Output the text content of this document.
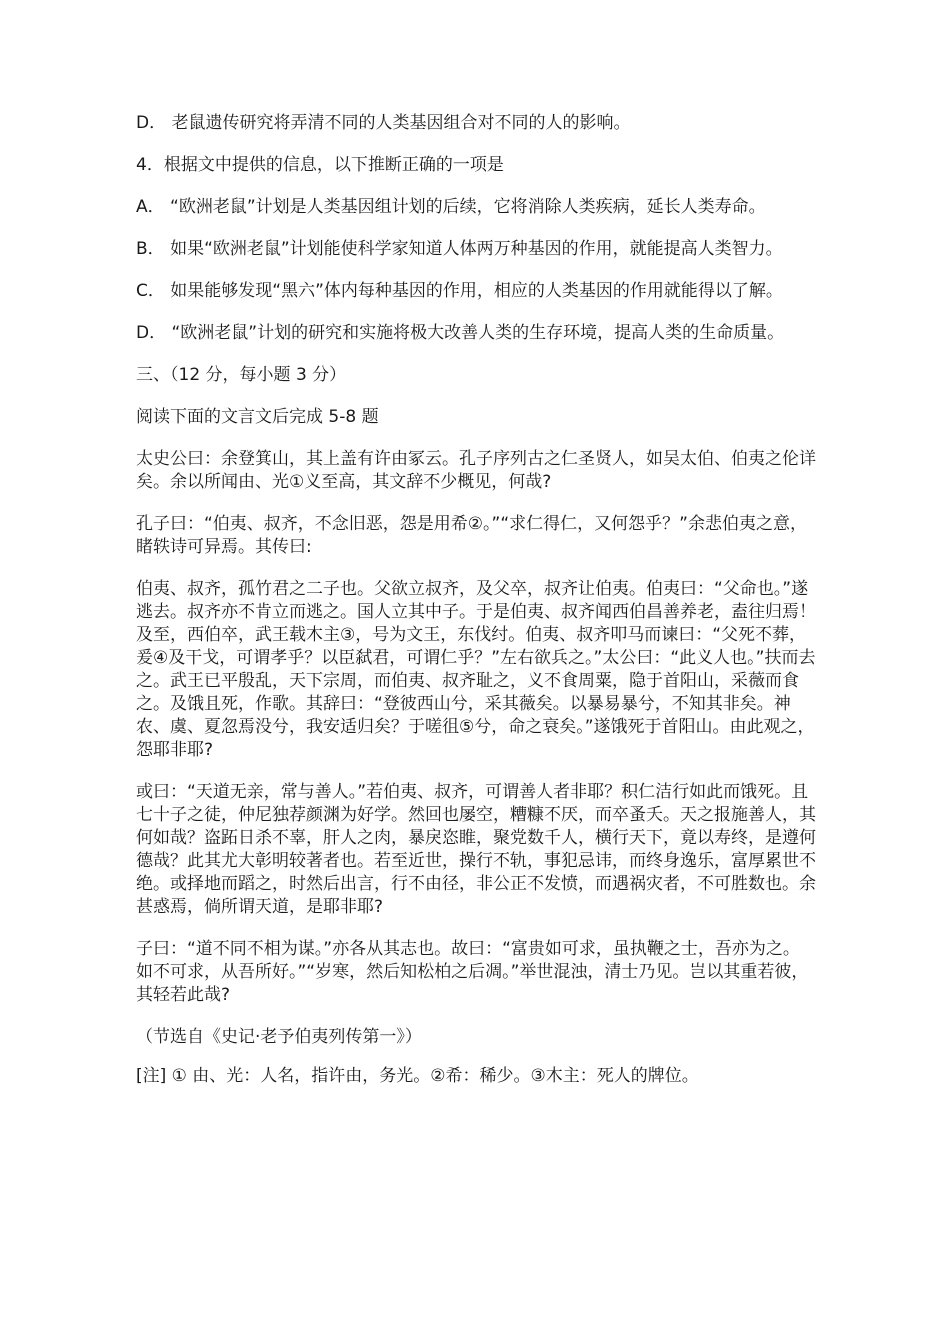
D． 老鼠遗传研究将弄清不同的人类基因组合对不同的人的影响。

4．根据文中提供的信息，以下推断正确的一项是

A． “欧洲老鼠”计划是人类基因组计划的后续，它将消除人类疾病，延长人类寿命。

B． 如果“欧洲老鼠”计划能使科学家知道人体两万种基因的作用，就能提高人类智力。

C． 如果能够发现“黑六”体内每种基因的作用，相应的人类基因的作用就能得以了解。

D． “欧洲老鼠”计划的研究和实施将极大改善人类的生存环境，提高人类的生命质量。

三、（12 分，每小题 3 分）

阅读下面的文言文后完成 5-8 题

太史公曰：余登箕山，其上盖有许由冢云。孔子序列古之仁圣贤人，如吴太伯、伯夷之伦详矣。余以所闻由、光①义至高，其文辞不少概见，何哉?

孔子曰：“伯夷、叔齐，不念旧恶，怨是用希②。”“求仁得仁，又何怨乎？”余悲伯夷之意，睹轶诗可异焉。其传曰:

伯夷、叔齐，孤竹君之二子也。父欲立叔齐，及父卒，叔齐让伯夷。伯夷曰：“父命也。”遂逃去。叔齐亦不肯立而逃之。国人立其中子。于是伯夷、叔齐闻西伯昌善养老，盍往归焉！及至，西伯卒，武王载木主③，号为文王，东伐纣。伯夷、叔齐叩马而谏曰：“父死不葬，爰④及干戈，可谓孝乎？以臣弑君，可谓仁乎？”左右欲兵之。”太公曰：“此义人也。”扶而去之。武王已平殷乱，天下宗周，而伯夷、叔齐耻之，义不食周粟，隐于首阳山，采薇而食之。及饿且死，作歌。其辞曰：“登彼西山兮，采其薇矣。以暴易暴兮，不知其非矣。神农、虞、夏忽焉没兮，我安适归矣？于嗟徂⑤兮，命之衰矣。”遂饿死于首阳山。由此观之，怨耶非耶?

或曰：“天道无亲，常与善人。”若伯夷、叔齐，可谓善人者非耶？积仁洁行如此而饿死。且七十子之徒，仲尼独荐颜渊为好学。然回也屡空，糟糠不厌，而卒蚤夭。天之报施善人，其何如哉？盗跖日杀不辜，肝人之肉，暴戾恣睢，聚党数千人，横行天下，竟以寿终，是遵何德哉？此其尤大彰明较著者也。若至近世，操行不轨，事犯忌讳，而终身逸乐，富厚累世不绝。或择地而蹈之，时然后出言，行不由径，非公正不发愤，而遇祸灾者，不可胜数也。余甚惑焉，倘所谓天道，是耶非耶?

子曰：“道不同不相为谋。”亦各从其志也。故曰：“富贵如可求，虽执鞭之士，吾亦为之。如不可求，从吾所好。”“岁寒，然后知松柏之后凋。”举世混浊，清士乃见。岂以其重若彼，其轻若此哉?

（节选自《史记·老予伯夷列传第一》）

[注] ① 由、光：人名，指许由，务光。②希：稀少。③木主：死人的牌位。
